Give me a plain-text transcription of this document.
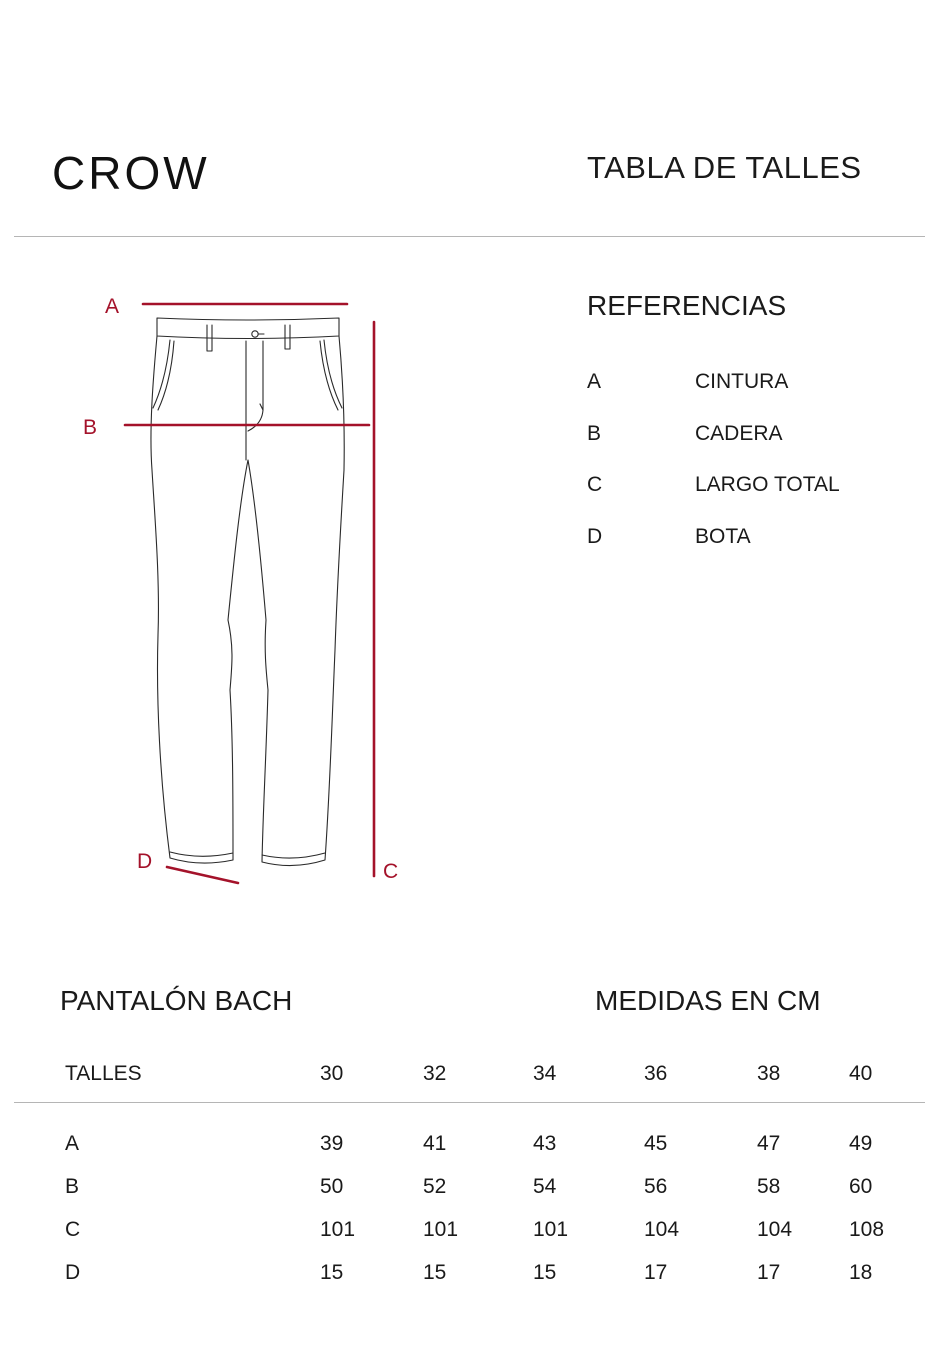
CROW	TABLA DE TALLES
A
B
C
D
REFERENCIAS
A	CINTURA
B	CADERA
C	LARGO TOTAL
D	BOTA
PANTALÓN BACH	MEDIDAS EN CM
TALLES	30	32	34	36	38	40
A	39	41	43	45	47	49
B	50	52	54	56	58	60
C	101	101	101	104	104	108
D	15	15	15	17	17	18
